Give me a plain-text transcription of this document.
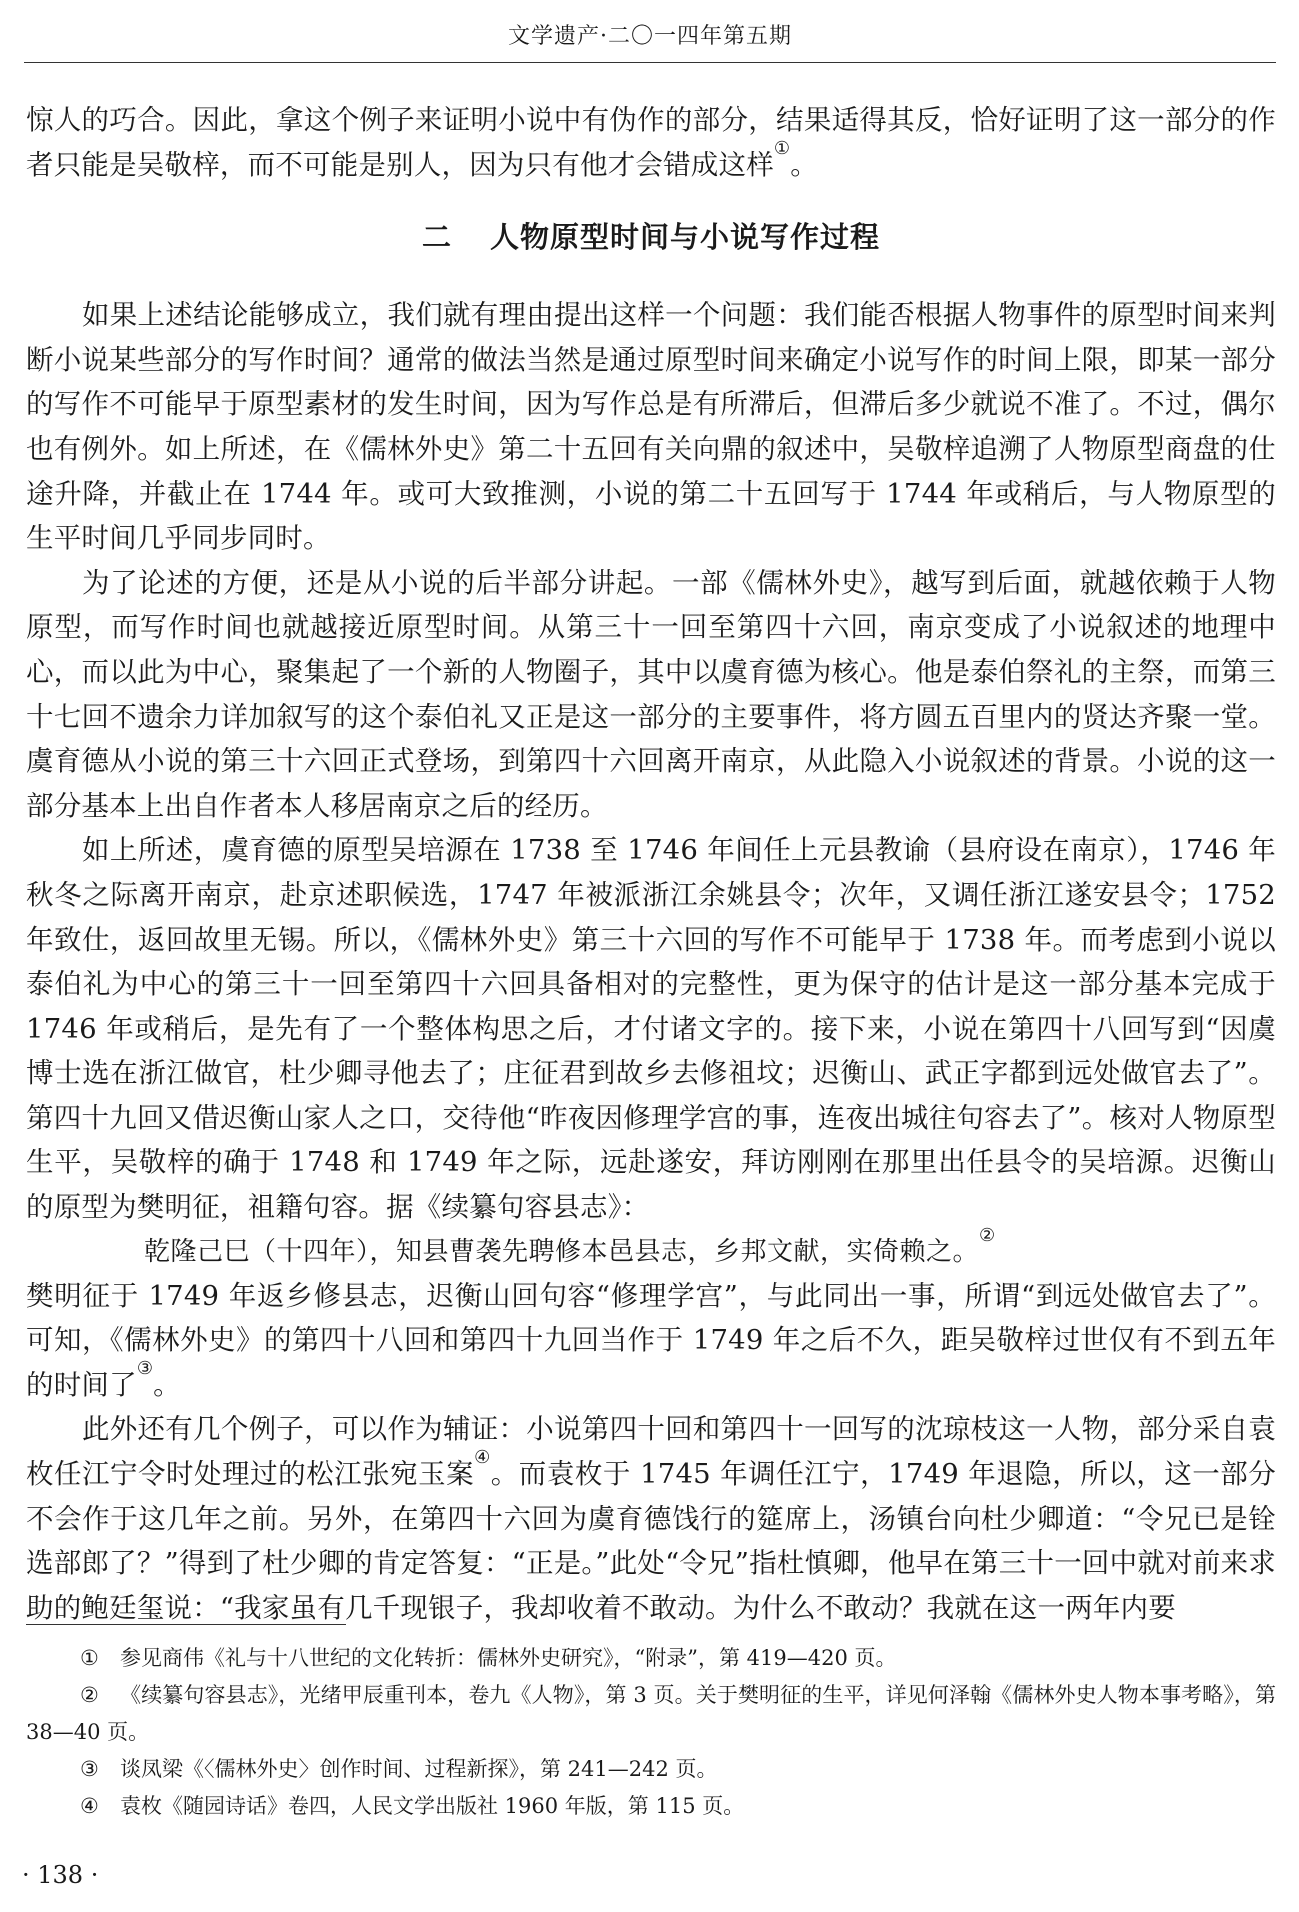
文学遗产·二〇一四年第五期

惊人的巧合。因此，拿这个例子来证明小说中有伪作的部分，结果适得其反，恰好证明了这一部分的作者只能是吴敬梓，而不可能是别人，因为只有他才会错成这样①。

二 人物原型时间与小说写作过程

如果上述结论能够成立，我们就有理由提出这样一个问题：我们能否根据人物事件的原型时间来判断小说某些部分的写作时间？通常的做法当然是通过原型时间来确定小说写作的时间上限，即某一部分的写作不可能早于原型素材的发生时间，因为写作总是有所滞后，但滞后多少就说不准了。不过，偶尔也有例外。如上所述，在《儒林外史》第二十五回有关向鼎的叙述中，吴敬梓追溯了人物原型商盘的仕途升降，并截止在 1744 年。或可大致推测，小说的第二十五回写于 1744 年或稍后，与人物原型的生平时间几乎同步同时。

为了论述的方便，还是从小说的后半部分讲起。一部《儒林外史》，越写到后面，就越依赖于人物原型，而写作时间也就越接近原型时间。从第三十一回至第四十六回，南京变成了小说叙述的地理中心，而以此为中心，聚集起了一个新的人物圈子，其中以虞育德为核心。他是泰伯祭礼的主祭，而第三十七回不遗余力详加叙写的这个泰伯礼又正是这一部分的主要事件，将方圆五百里内的贤达齐聚一堂。虞育德从小说的第三十六回正式登场，到第四十六回离开南京，从此隐入小说叙述的背景。小说的这一部分基本上出自作者本人移居南京之后的经历。

如上所述，虞育德的原型吴培源在 1738 至 1746 年间任上元县教谕（县府设在南京），1746 年秋冬之际离开南京，赴京述职候选，1747 年被派浙江余姚县令；次年，又调任浙江遂安县令；1752 年致仕，返回故里无锡。所以，《儒林外史》第三十六回的写作不可能早于 1738 年。而考虑到小说以泰伯礼为中心的第三十一回至第四十六回具备相对的完整性，更为保守的估计是这一部分基本完成于 1746 年或稍后，是先有了一个整体构思之后，才付诸文字的。接下来，小说在第四十八回写到“因虞博士选在浙江做官，杜少卿寻他去了；庄征君到故乡去修祖坟；迟衡山、武正字都到远处做官去了”。第四十九回又借迟衡山家人之口，交待他“昨夜因修理学宫的事，连夜出城往句容去了”。核对人物原型生平，吴敬梓的确于 1748 和 1749 年之际，远赴遂安，拜访刚刚在那里出任县令的吴培源。迟衡山的原型为樊明征，祖籍句容。据《续纂句容县志》：

乾隆己巳（十四年），知县曹袭先聘修本邑县志，乡邦文献，实倚赖之。②

樊明征于 1749 年返乡修县志，迟衡山回句容“修理学宫”，与此同出一事，所谓“到远处做官去了”。可知，《儒林外史》的第四十八回和第四十九回当作于 1749 年之后不久，距吴敬梓过世仅有不到五年的时间了③。

此外还有几个例子，可以作为辅证：小说第四十回和第四十一回写的沈琼枝这一人物，部分采自袁枚任江宁令时处理过的松江张宛玉案④。而袁枚于 1745 年调任江宁，1749 年退隐，所以，这一部分不会作于这几年之前。另外，在第四十六回为虞育德饯行的筵席上，汤镇台向杜少卿道：“令兄已是铨选部郎了？”得到了杜少卿的肯定答复：“正是。”此处“令兄”指杜慎卿，他早在第三十一回中就对前来求助的鲍廷玺说：“我家虽有几千现银子，我却收着不敢动。为什么不敢动？我就在这一两年内要

① 参见商伟《礼与十八世纪的文化转折：儒林外史研究》，“附录”，第 419—420 页。

② 《续纂句容县志》，光绪甲辰重刊本，卷九《人物》，第 3 页。关于樊明征的生平，详见何泽翰《儒林外史人物本事考略》，第 38—40 页。

③ 谈凤梁《〈儒林外史〉创作时间、过程新探》，第 241—242 页。

④ 袁枚《随园诗话》卷四，人民文学出版社 1960 年版，第 115 页。

· 138 ·
